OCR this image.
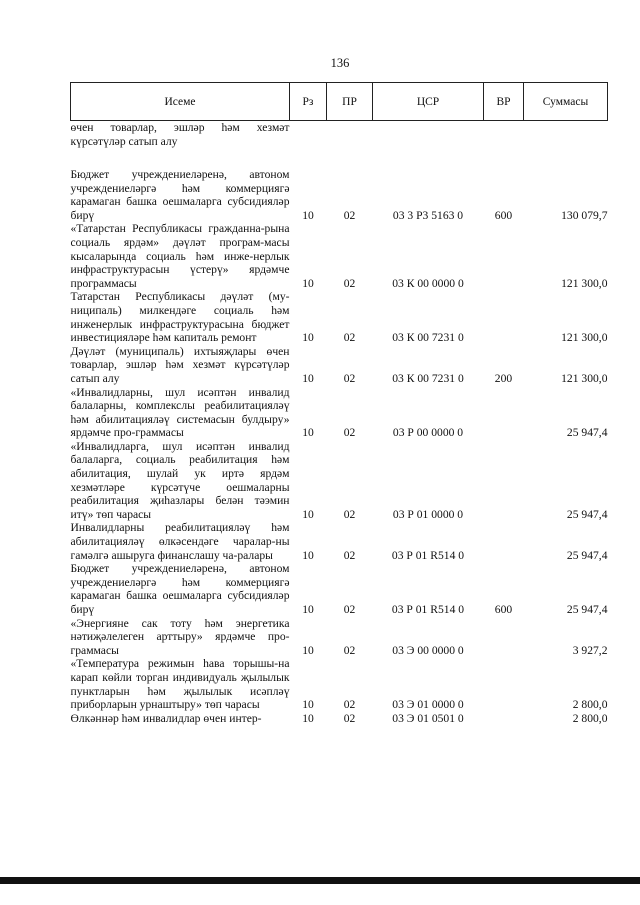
136
Исеме	Рз	ПР	ЦСР	ВР	Суммасы
өчен товарлар, эшләр һәм хезмәт күрсәтүләр сатып алу					
Бюджет учреждениеләренә, автоном учреждениеләргә һәм коммерциягә карамаган башка оешмаларга субсидияләр бирү	10	02	03 3 Р3 5163 0	600	130 079,7
«Татарстан Республикасы гражданна-рына социаль ярдәм» дәүләт програм-масы кысаларында социаль һәм инже-нерлык инфраструктурасын үстерү» ярдәмче программасы	10	02	03 К 00 0000 0		121 300,0
Татарстан Республикасы дәүләт (му-ниципаль) милкендәге социаль һәм инженерлык инфраструктурасына бюджет инвестицияләре һәм капиталь ремонт	10	02	03 К 00 7231 0		121 300,0
Дәүләт (муниципаль) ихтыяҗлары өчен товарлар, эшләр һәм хезмәт күрсәтүләр сатып алу	10	02	03 К 00 7231 0	200	121 300,0
«Инвалидларны, шул исәптән инвалид балаларны, комплекслы реабилитацияләү һәм абилитацияләү системасын булдыру» ярдәмче про-граммасы	10	02	03 Р 00 0000 0		25 947,4
«Инвалидларга, шул исәптән инвалид балаларга, социаль реабилитация һәм абилитация, шулай ук иртә ярдәм хезмәтләре күрсәтүче оешмаларны реабилитация җиһазлары белән тәэмин итү» төп чарасы	10	02	03 Р 01 0000 0		25 947,4
Инвалидларны реабилитацияләү һәм абилитацияләү өлкәсендәге чаралар-ны гамәлгә ашыруга финанслашу ча-ралары	10	02	03 Р 01 R514 0		25 947,4
Бюджет учреждениеләренә, автоном учреждениеләргә һәм коммерциягә карамаган башка оешмаларга субсидияләр бирү	10	02	03 Р 01 R514 0	600	25 947,4
«Энергияне сак тоту һәм энергетика нәтиҗәлелеген арттыру» ярдәмче про-граммасы	10	02	03 Э 00 0000 0		3 927,2
«Температура режимын һава торышы-на карап көйли торган индивидуаль җылылык пунктларын һәм җылылык исәпләү приборларын урнаштыру» төп чарасы	10	02	03 Э 01 0000 0		2 800,0
Өлкәннәр һәм инвалидлар өчен интер-	10	02	03 Э 01 0501 0		2 800,0
